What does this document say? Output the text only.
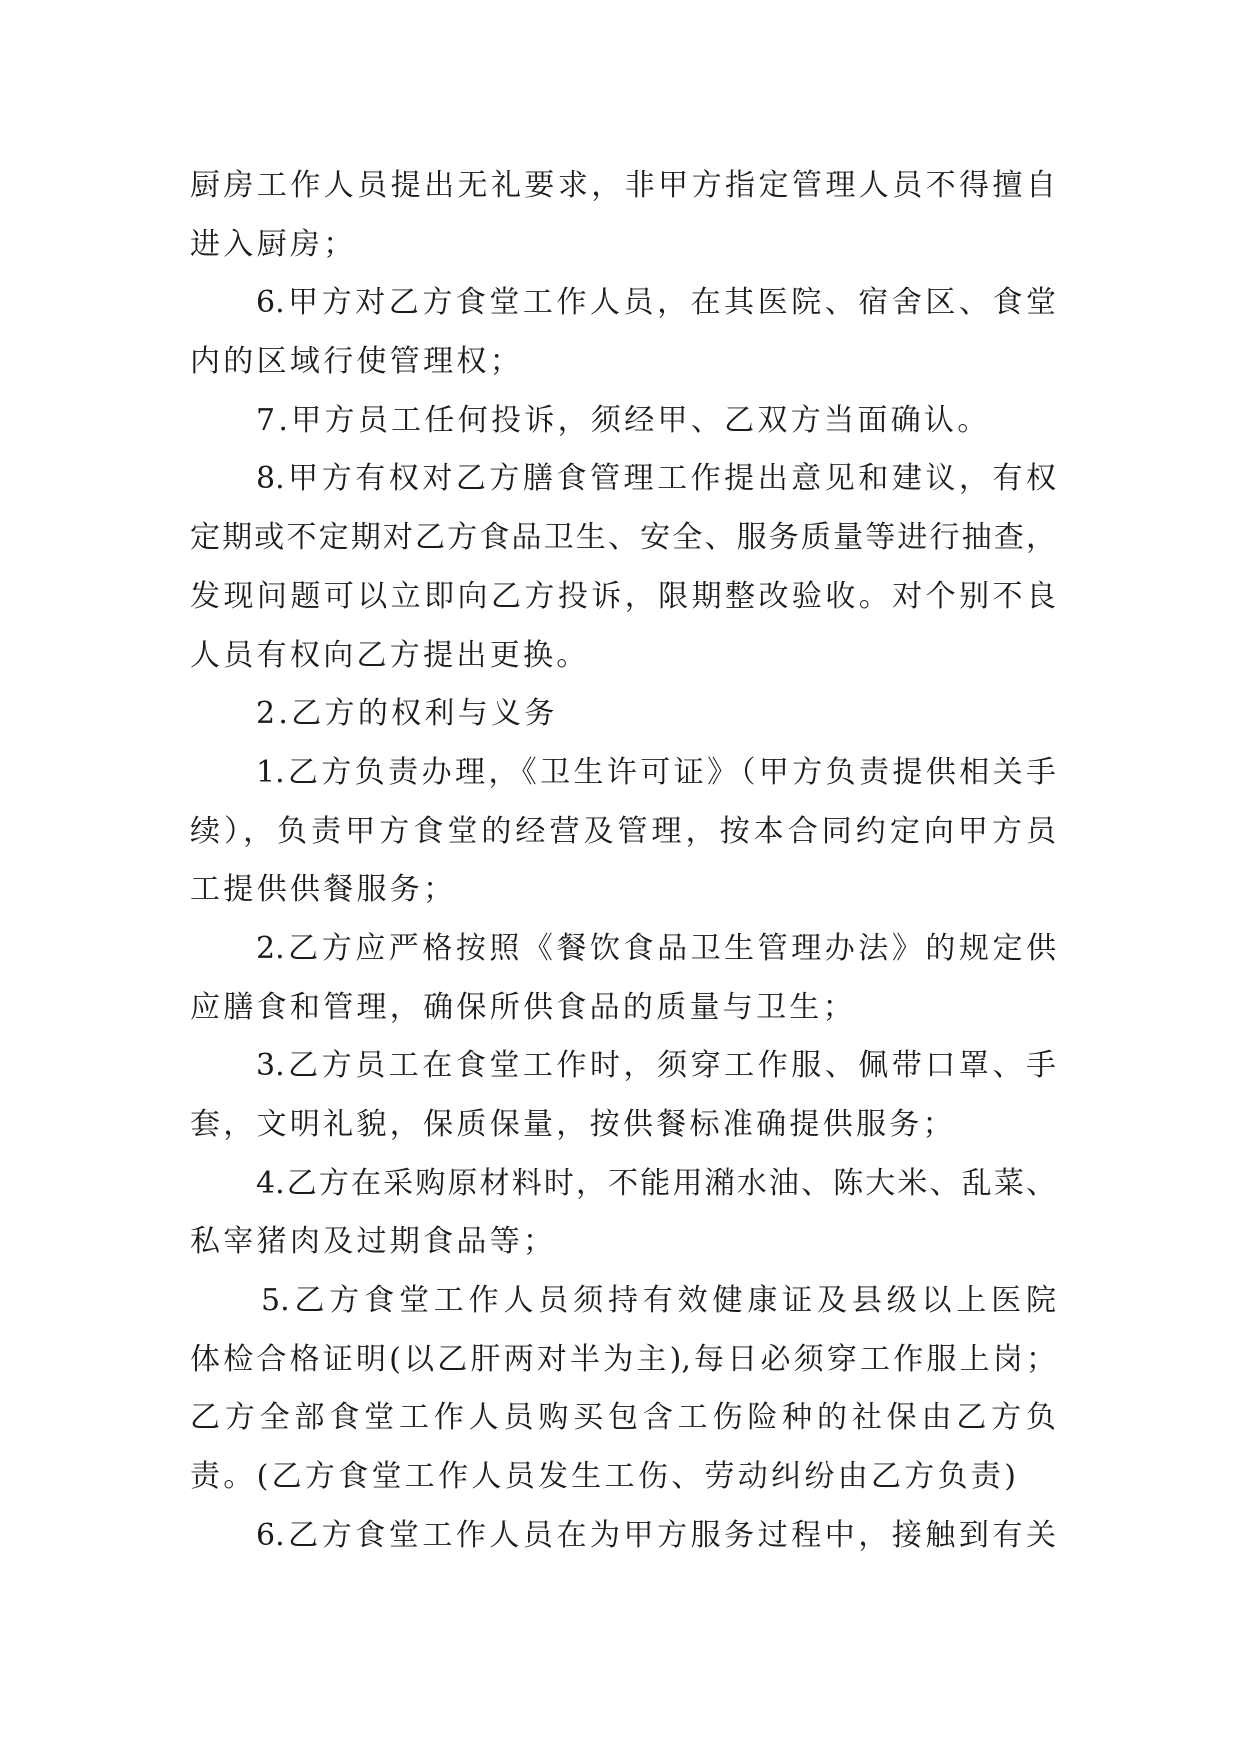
厨房工作人员提出无礼要求，非甲方指定管理人员不得擅自
进入厨房；
6.甲方对乙方食堂工作人员，在其医院、宿舍区、食堂
内的区域行使管理权；
7.甲方员工任何投诉，须经甲、乙双方当面确认。
8.甲方有权对乙方膳食管理工作提出意见和建议，有权
定期或不定期对乙方食品卫生、安全、服务质量等进行抽查，
发现问题可以立即向乙方投诉，限期整改验收。对个别不良
人员有权向乙方提出更换。
2.乙方的权利与义务
1.乙方负责办理，《卫生许可证》（甲方负责提供相关手
续），负责甲方食堂的经营及管理，按本合同约定向甲方员
工提供供餐服务；
2.乙方应严格按照《餐饮食品卫生管理办法》的规定供
应膳食和管理，确保所供食品的质量与卫生；
3.乙方员工在食堂工作时，须穿工作服、佩带口罩、手
套，文明礼貌，保质保量，按供餐标准确提供服务；
4.乙方在采购原材料时，不能用潲水油、陈大米、乱菜、
私宰猪肉及过期食品等；
5.乙方食堂工作人员须持有效健康证及县级以上医院
体检合格证明(以乙肝两对半为主),每日必须穿工作服上岗；
乙方全部食堂工作人员购买包含工伤险种的社保由乙方负
责。(乙方食堂工作人员发生工伤、劳动纠纷由乙方负责)
6.乙方食堂工作人员在为甲方服务过程中，接触到有关
